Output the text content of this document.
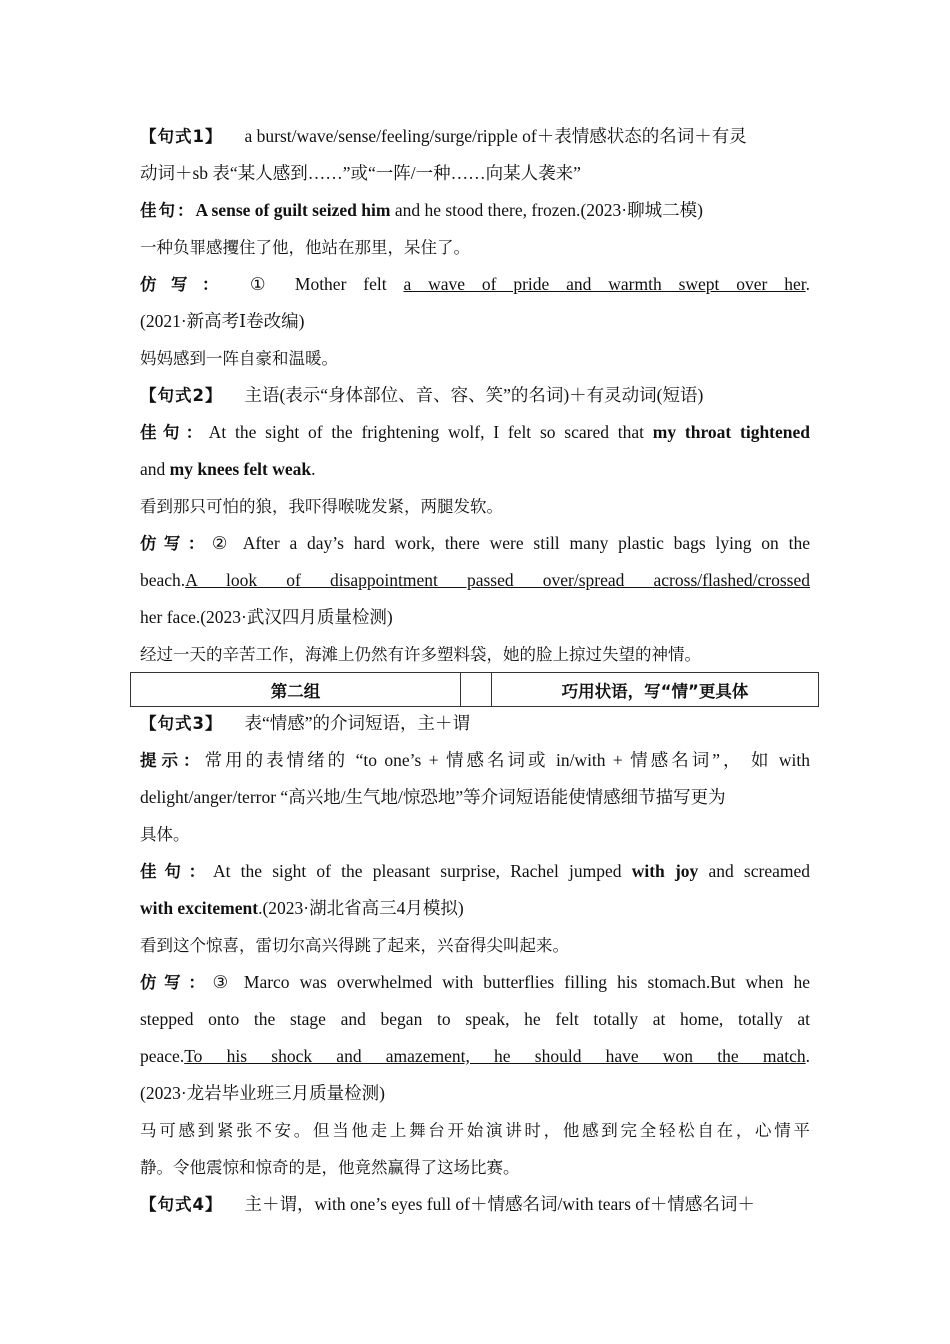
【句式1】 a burst/wave/sense/feeling/surge/ripple of＋表情感状态的名词＋有灵
动词＋sb 表“某人感到……”或“一阵/一种……向某人袭来”
佳句：A sense of guilt seized him and he stood there, frozen.(2023·聊城二模)
一种负罪感攫住了他，他站在那里，呆住了。
仿写： ① Mother felt a wave of pride and warmth swept over her.
(2021·新高考Ⅰ卷改编)
妈妈感到一阵自豪和温暖。
【句式2】 主语(表示“身体部位、音、容、笑”的名词)＋有灵动词(短语)
佳句：At the sight of the frightening wolf, I felt so scared that my throat tightened
and my knees felt weak.
看到那只可怕的狼，我吓得喉咙发紧，两腿发软。
仿写：② After a day’s hard work, there were still many plastic bags lying on the
beach.A look of disappointment passed over/spread across/flashed/crossed
her face.(2023·武汉四月质量检测)
经过一天的辛苦工作，海滩上仍然有许多塑料袋，她的脸上掠过失望的神情。
第二组		巧用状语，写“情”更具体
【句式3】 表“情感”的介词短语，主＋谓
提示：常用的表情绪的 “to one’s + 情感名词或 in/with + 情感名词”， 如 with
delight/anger/terror “高兴地/生气地/惊恐地”等介词短语能使情感细节描写更为
具体。
佳句：At the sight of the pleasant surprise, Rachel jumped with joy and screamed
with excitement.(2023·湖北省高三4月模拟)
看到这个惊喜，雷切尔高兴得跳了起来，兴奋得尖叫起来。
仿写：③ Marco was overwhelmed with butterflies filling his stomach.But when he
stepped onto the stage and began to speak, he felt totally at home, totally at
peace.To his shock and amazement, he should have won the match.
(2023·龙岩毕业班三月质量检测)
马可感到紧张不安。但当他走上舞台开始演讲时，他感到完全轻松自在，心情平
静。令他震惊和惊奇的是，他竟然赢得了这场比赛。
【句式4】 主＋谓，with one’s eyes full of＋情感名词/with tears of＋情感名词＋
